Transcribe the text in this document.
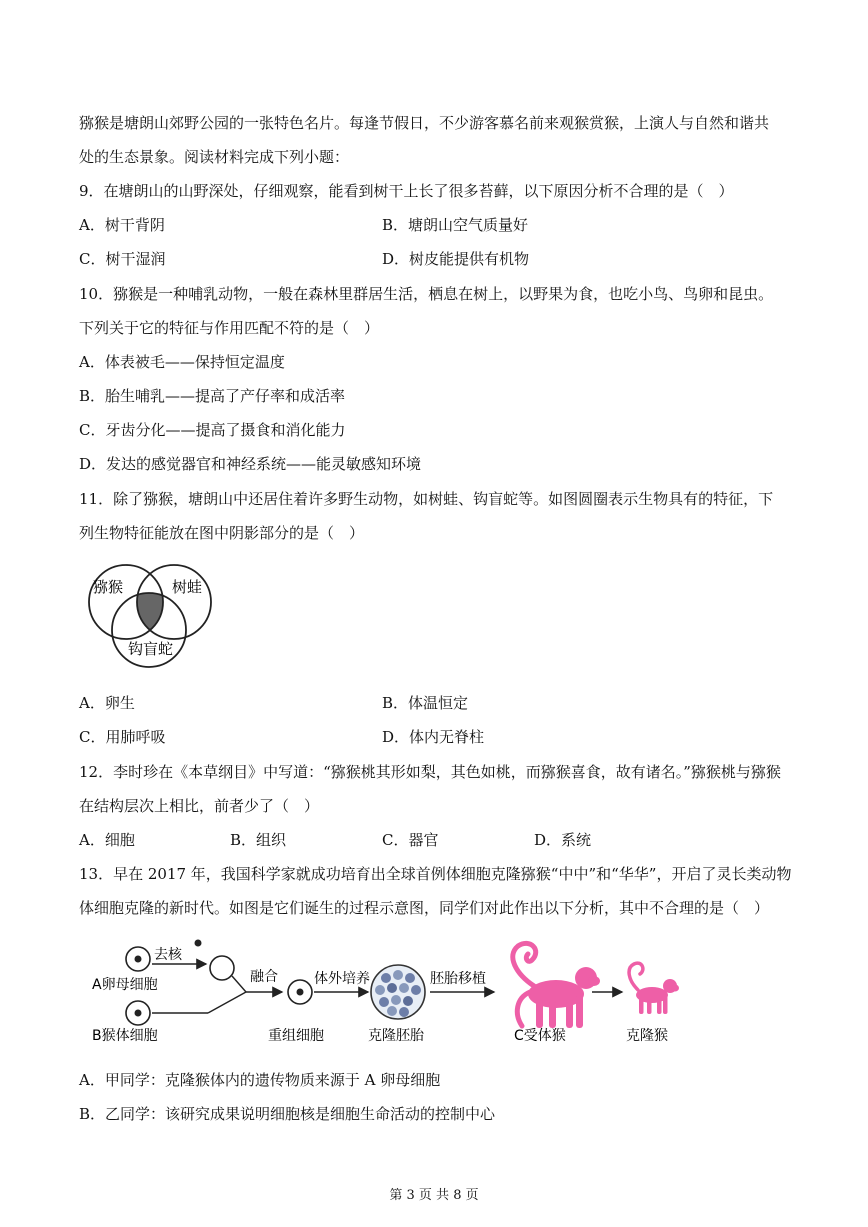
猕猴是塘朗山郊野公园的一张特色名片。每逢节假日，不少游客慕名前来观猴赏猴，上演人与自然和谐共
处的生态景象。阅读材料完成下列小题：
9．在塘朗山的山野深处，仔细观察，能看到树干上长了很多苔藓，以下原因分析不合理的是（　）
A．树干背阴	B．塘朗山空气质量好
C．树干湿润	D．树皮能提供有机物
10．猕猴是一种哺乳动物，一般在森林里群居生活，栖息在树上，以野果为食，也吃小鸟、鸟卵和昆虫。
下列关于它的特征与作用匹配不符的是（　）
A．体表被毛——保持恒定温度
B．胎生哺乳——提高了产仔率和成活率
C．牙齿分化——提高了摄食和消化能力
D．发达的感觉器官和神经系统——能灵敏感知环境
11．除了猕猴，塘朗山中还居住着许多野生动物，如树蛙、钩盲蛇等。如图圆圈表示生物具有的特征，下
列生物特征能放在图中阴影部分的是（　）
猕猴	树蛙
钩盲蛇
A．卵生	B．体温恒定
C．用肺呼吸	D．体内无脊柱
12．李时珍在《本草纲目》中写道：“猕猴桃其形如梨，其色如桃，而猕猴喜食，故有诸名。”猕猴桃与猕猴
在结构层次上相比，前者少了（　）
A．细胞	B．组织	C．器官	D．系统
13．早在 2017 年，我国科学家就成功培育出全球首例体细胞克隆猕猴“中中”和“华华”，开启了灵长类动物
体细胞克隆的新时代。如图是它们诞生的过程示意图，同学们对此作出以下分析，其中不合理的是（　）
去核
A卵母细胞
B猴体细胞
融合
重组细胞
体外培养
克隆胚胎
胚胎移植
C受体猴	克隆猴
A．甲同学：克隆猴体内的遗传物质来源于 A 卵母细胞
B．乙同学：该研究成果说明细胞核是细胞生命活动的控制中心
第 3 页 共 8 页
